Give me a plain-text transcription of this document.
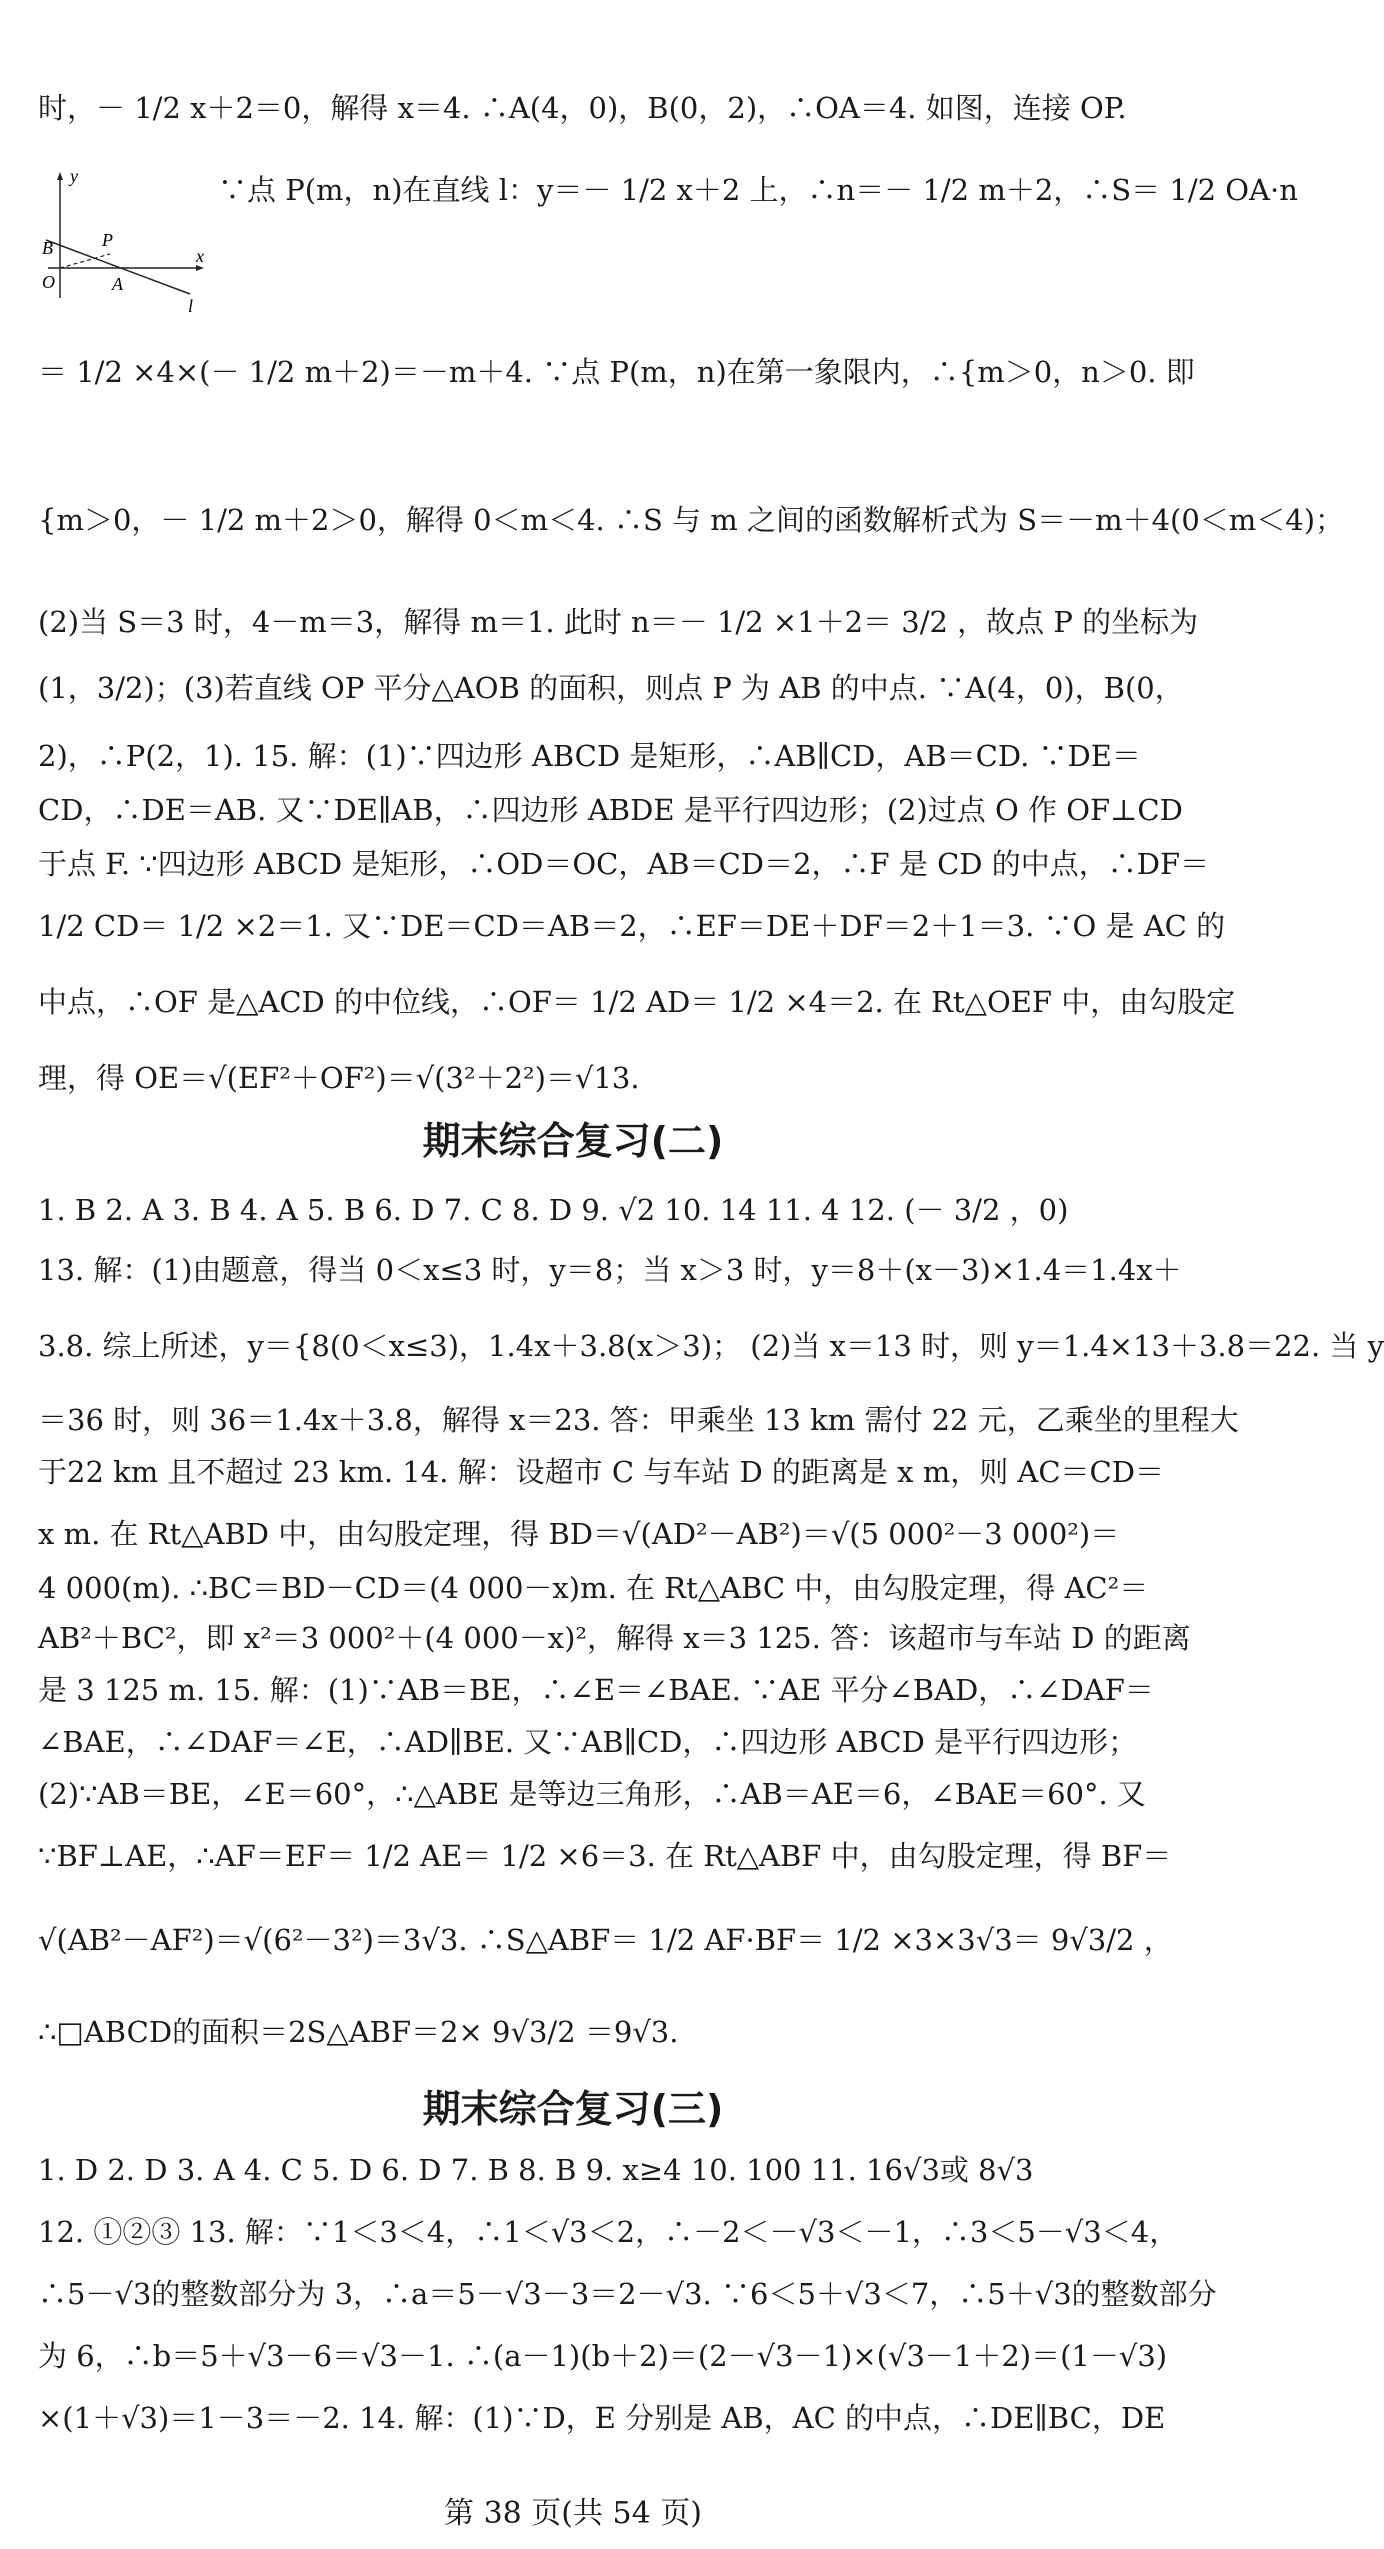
时，－ 1/2 x＋2＝0，解得 x＝4. ∴A(4，0)，B(0，2)，∴OA＝4. 如图，连接 OP.
∵点 P(m，n)在直线 l：y＝－ 1/2 x＋2 上，∴n＝－ 1/2 m＋2，∴S＝ 1/2 OA·n
y
x
B	P
O	A
l
＝ 1/2 ×4×(－ 1/2 m＋2)＝－m＋4. ∵点 P(m，n)在第一象限内，∴{m＞0，n＞0. 即
{m＞0，－ 1/2 m＋2＞0，解得 0＜m＜4. ∴S 与 m 之间的函数解析式为 S＝－m＋4(0＜m＜4)；
(2)当 S＝3 时，4－m＝3，解得 m＝1. 此时 n＝－ 1/2 ×1＋2＝ 3/2 ，故点 P 的坐标为
(1，3/2)；(3)若直线 OP 平分△AOB 的面积，则点 P 为 AB 的中点. ∵A(4，0)，B(0，
2)，∴P(2，1). 15. 解：(1)∵四边形 ABCD 是矩形，∴AB∥CD，AB＝CD. ∵DE＝
CD，∴DE＝AB. 又∵DE∥AB，∴四边形 ABDE 是平行四边形；(2)过点 O 作 OF⊥CD
于点 F. ∵四边形 ABCD 是矩形，∴OD＝OC，AB＝CD＝2，∴F 是 CD 的中点，∴DF＝
1/2 CD＝ 1/2 ×2＝1. 又∵DE＝CD＝AB＝2，∴EF＝DE＋DF＝2＋1＝3. ∵O 是 AC 的
中点，∴OF 是△ACD 的中位线，∴OF＝ 1/2 AD＝ 1/2 ×4＝2. 在 Rt△OEF 中，由勾股定
理，得 OE＝√(EF²＋OF²)＝√(3²＋2²)＝√13.
期末综合复习(二)
1. B 2. A 3. B 4. A 5. B 6. D 7. C 8. D 9. √2 10. 14 11. 4 12. (－ 3/2 ，0)
13. 解：(1)由题意，得当 0＜x≤3 时，y＝8；当 x＞3 时，y＝8＋(x－3)×1.4＝1.4x＋
3.8. 综上所述，y＝{8(0＜x≤3)，1.4x＋3.8(x＞3)； (2)当 x＝13 时，则 y＝1.4×13＋3.8＝22. 当 y
＝36 时，则 36＝1.4x＋3.8，解得 x＝23. 答：甲乘坐 13 km 需付 22 元，乙乘坐的里程大
于22 km 且不超过 23 km. 14. 解：设超市 C 与车站 D 的距离是 x m，则 AC＝CD＝
x m. 在 Rt△ABD 中，由勾股定理，得 BD＝√(AD²－AB²)＝√(5 000²－3 000²)＝
4 000(m). ∴BC＝BD－CD＝(4 000－x)m. 在 Rt△ABC 中，由勾股定理，得 AC²＝
AB²＋BC²，即 x²＝3 000²＋(4 000－x)²，解得 x＝3 125. 答：该超市与车站 D 的距离
是 3 125 m. 15. 解：(1)∵AB＝BE，∴∠E＝∠BAE. ∵AE 平分∠BAD，∴∠DAF＝
∠BAE，∴∠DAF＝∠E，∴AD∥BE. 又∵AB∥CD，∴四边形 ABCD 是平行四边形；
(2)∵AB＝BE，∠E＝60°，∴△ABE 是等边三角形，∴AB＝AE＝6，∠BAE＝60°. 又
∵BF⊥AE，∴AF＝EF＝ 1/2 AE＝ 1/2 ×6＝3. 在 Rt△ABF 中，由勾股定理，得 BF＝
√(AB²－AF²)＝√(6²－3²)＝3√3. ∴S△ABF＝ 1/2 AF·BF＝ 1/2 ×3×3√3＝ 9√3/2 ，
∴□ABCD的面积＝2S△ABF＝2× 9√3/2 ＝9√3.
期末综合复习(三)
1. D 2. D 3. A 4. C 5. D 6. D 7. B 8. B 9. x≥4 10. 100 11. 16√3或 8√3
12. ①②③ 13. 解：∵1＜3＜4，∴1＜√3＜2，∴－2＜－√3＜－1，∴3＜5－√3＜4，
∴5－√3的整数部分为 3，∴a＝5－√3－3＝2－√3. ∵6＜5＋√3＜7，∴5＋√3的整数部分
为 6，∴b＝5＋√3－6＝√3－1. ∴(a－1)(b＋2)＝(2－√3－1)×(√3－1＋2)＝(1－√3)
×(1＋√3)＝1－3＝－2. 14. 解：(1)∵D，E 分别是 AB，AC 的中点，∴DE∥BC，DE
第 38 页(共 54 页)
